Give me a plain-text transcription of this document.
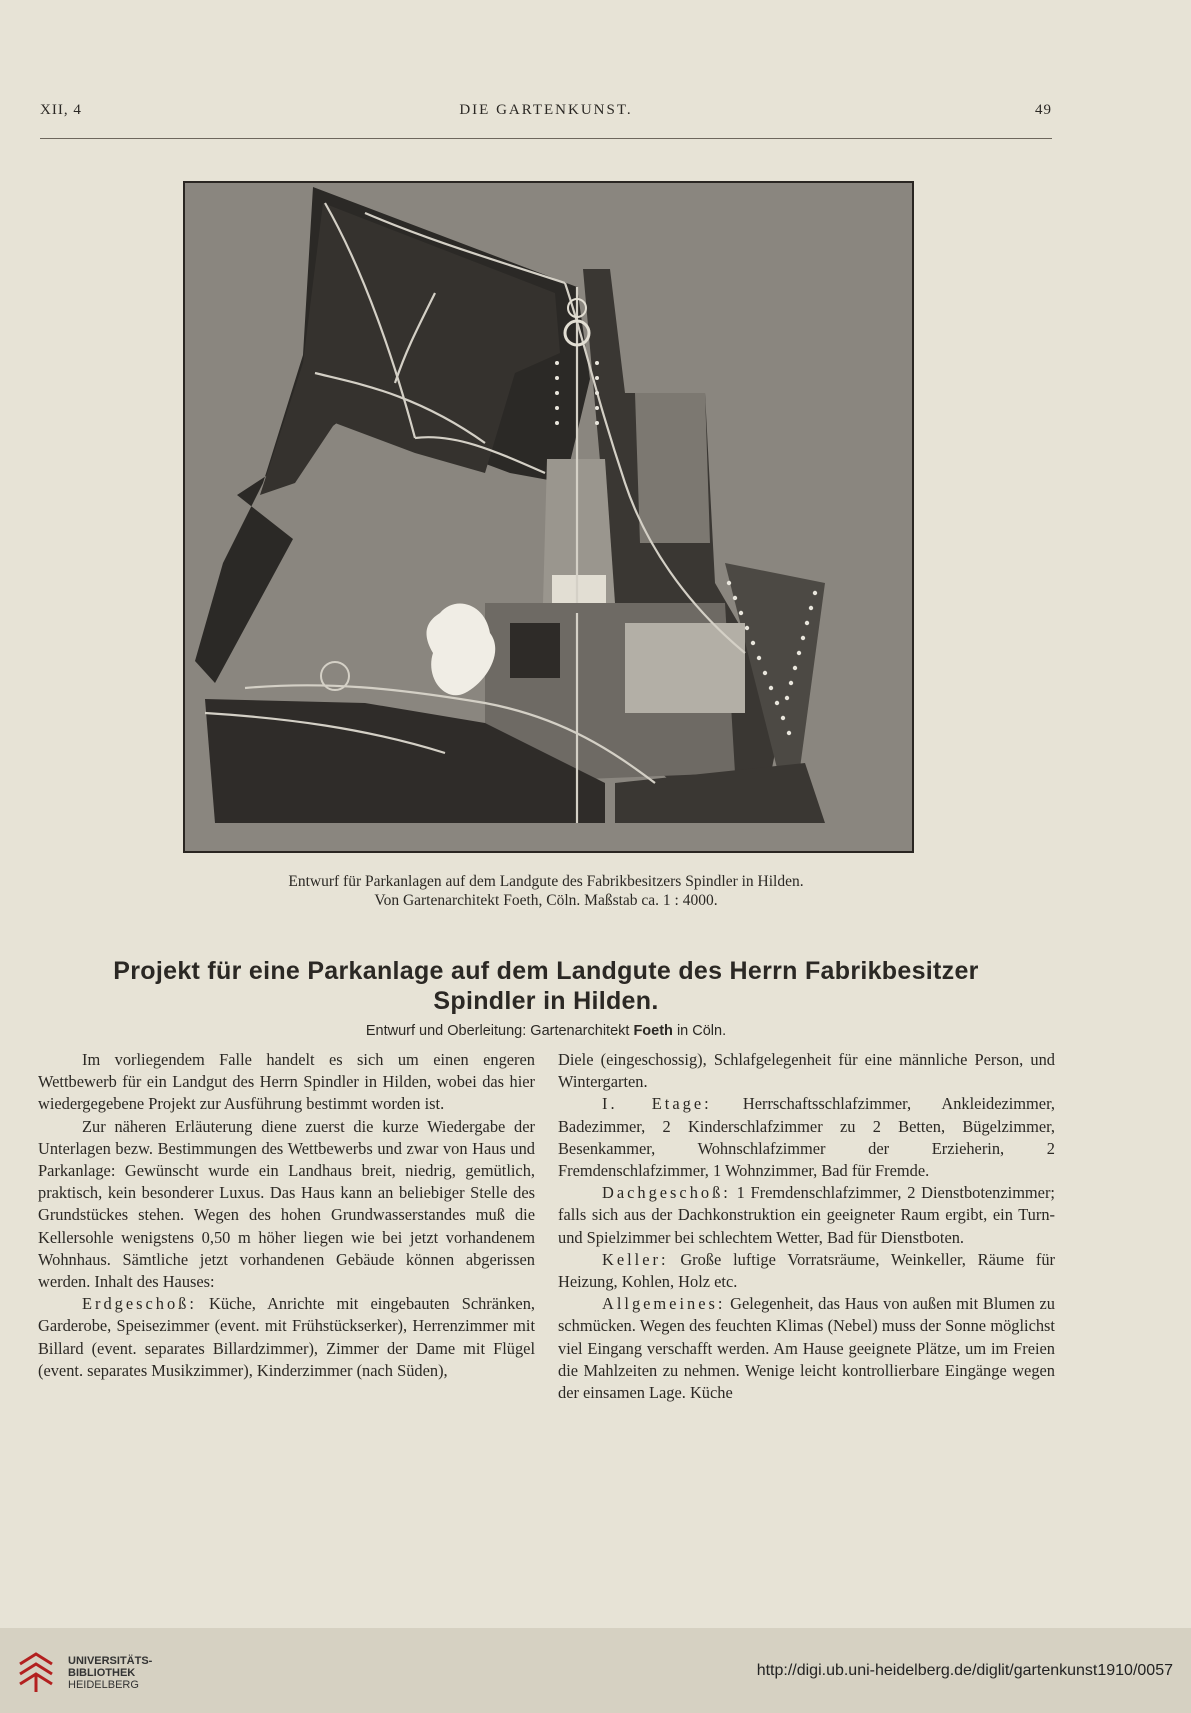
XII, 4	DIE GARTENKUNST.	49
Entwurf für Parkanlagen auf dem Landgute des Fabrikbesitzers Spindler in Hilden.
Von Gartenarchitekt Foeth, Cöln. Maßstab ca. 1 : 4000.
Projekt für eine Parkanlage auf dem Landgute des Herrn Fabrikbesitzer
Spindler in Hilden.
Entwurf und Oberleitung: Gartenarchitekt Foeth in Cöln.

Im vorliegendem Falle handelt es sich um einen engeren Wettbewerb für ein Landgut des Herrn Spindler in Hilden, wobei das hier wiedergegebene Projekt zur Ausführung bestimmt worden ist.

Zur näheren Erläuterung diene zuerst die kurze Wiedergabe der Unterlagen bezw. Bestimmungen des Wettbewerbs und zwar von Haus und Parkanlage: Gewünscht wurde ein Landhaus breit, niedrig, gemütlich, praktisch, kein besonderer Luxus. Das Haus kann an beliebiger Stelle des Grundstückes stehen. Wegen des hohen Grundwasserstandes muß die Kellersohle wenigstens 0,50 m höher liegen wie bei jetzt vorhandenem Wohnhaus. Sämtliche jetzt vorhandenen Gebäude können abgerissen werden. Inhalt des Hauses:

Erdgeschoß: Küche, Anrichte mit eingebauten Schränken, Garderobe, Speisezimmer (event. mit Frühstückserker), Herrenzimmer mit Billard (event. separates Billardzimmer), Zimmer der Dame mit Flügel (event. separates Musikzimmer), Kinderzimmer (nach Süden),

Diele (eingeschossig), Schlafgelegenheit für eine männliche Person, und Wintergarten.

I. Etage: Herrschaftsschlafzimmer, Ankleidezimmer, Badezimmer, 2 Kinderschlafzimmer zu 2 Betten, Bügelzimmer, Besenkammer, Wohnschlafzimmer der Erzieherin, 2 Fremdenschlafzimmer, 1 Wohnzimmer, Bad für Fremde.

Dachgeschoß: 1 Fremdenschlafzimmer, 2 Dienstbotenzimmer; falls sich aus der Dachkonstruktion ein geeigneter Raum ergibt, ein Turn- und Spielzimmer bei schlechtem Wetter, Bad für Dienstboten.

Keller: Große luftige Vorratsräume, Weinkeller, Räume für Heizung, Kohlen, Holz etc.

Allgemeines: Gelegenheit, das Haus von außen mit Blumen zu schmücken. Wegen des feuchten Klimas (Nebel) muss der Sonne möglichst viel Eingang verschafft werden. Am Hause geeignete Plätze, um im Freien die Mahlzeiten zu nehmen. Wenige leicht kontrollierbare Eingänge wegen der einsamen Lage. Küche

UNIVERSITÄTS-
BIBLIOTHEK
HEIDELBERG
http://digi.ub.uni-heidelberg.de/diglit/gartenkunst1910/0057
